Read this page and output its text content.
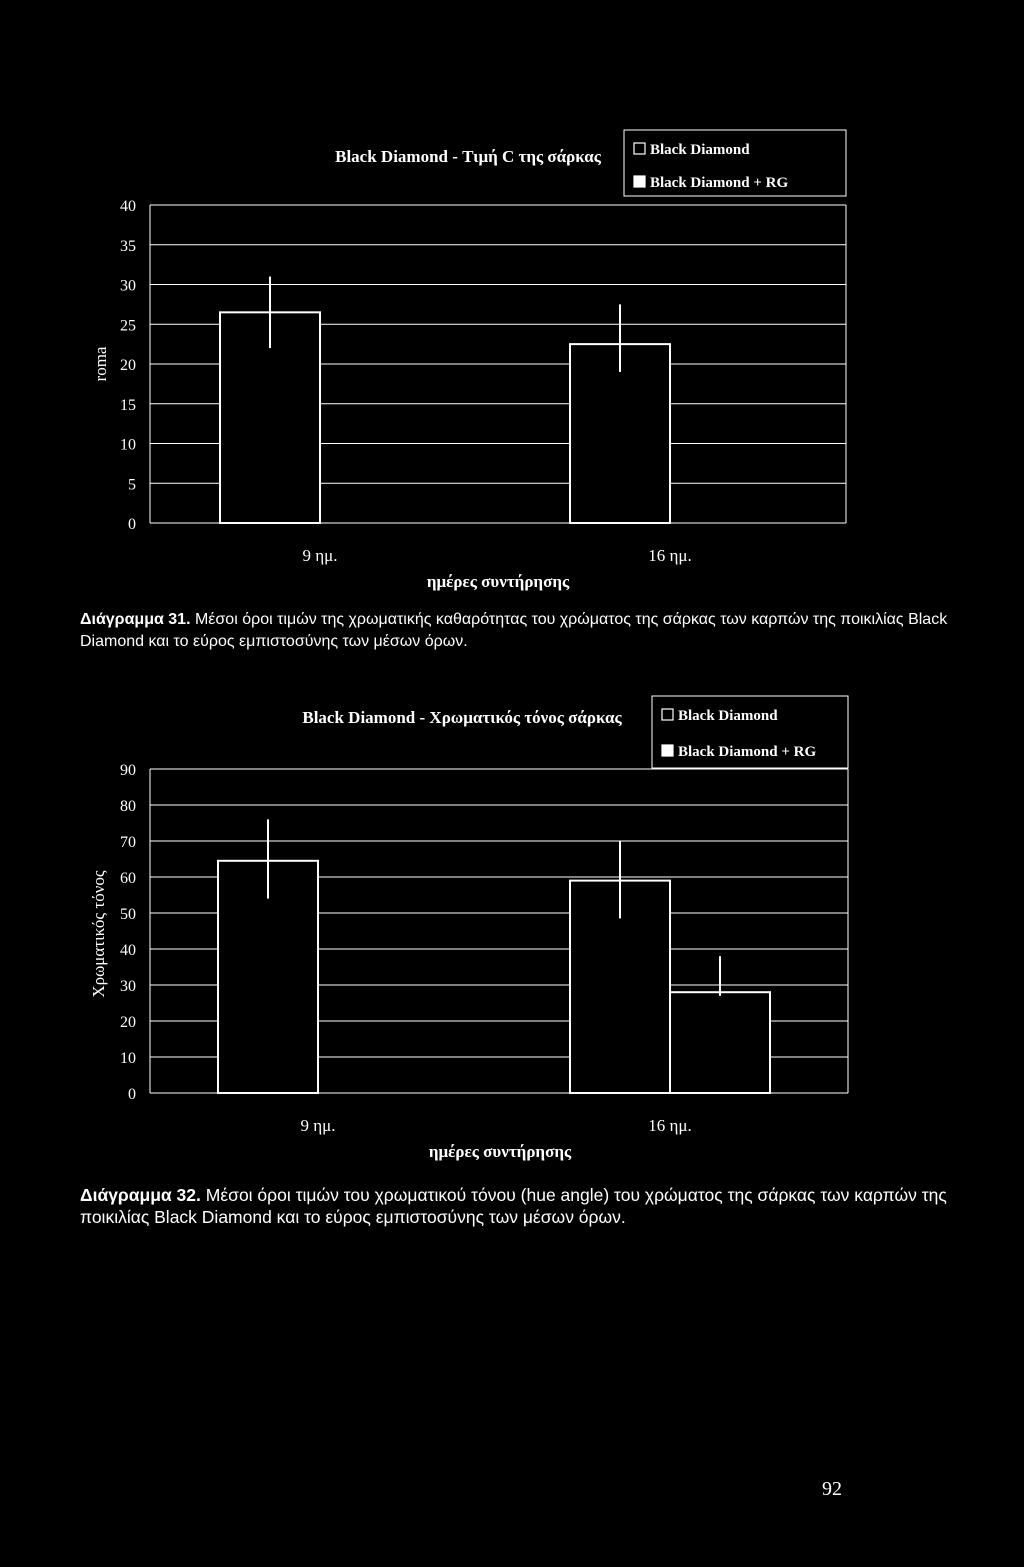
0
5
10
15
20
25
30
35
40
9 ημ.	16 ημ.
Black Diamond - Τιμή C της σάρκας
ημέρες συντήρησης
roma
Black Diamond
Black Diamond + RG
Διάγραμμα 31. Μέσοι όροι τιμών της χρωματικής καθαρότητας του χρώματος της σάρκας των καρπών της ποικιλίας Black Diamond και το εύρος εμπιστοσύνης των μέσων όρων.
0
10
20
30
40
50
60
70
80
90
9 ημ.	16 ημ.
Black Diamond - Χρωματικός τόνος σάρκας
ημέρες συντήρησης
Χρωματικός τόνος
Black Diamond
Black Diamond + RG
Διάγραμμα 32. Μέσοι όροι τιμών του χρωματικού τόνου (hue angle) του χρώματος της σάρκας των καρπών της ποικιλίας Black Diamond και το εύρος εμπιστοσύνης των μέσων όρων.
92
